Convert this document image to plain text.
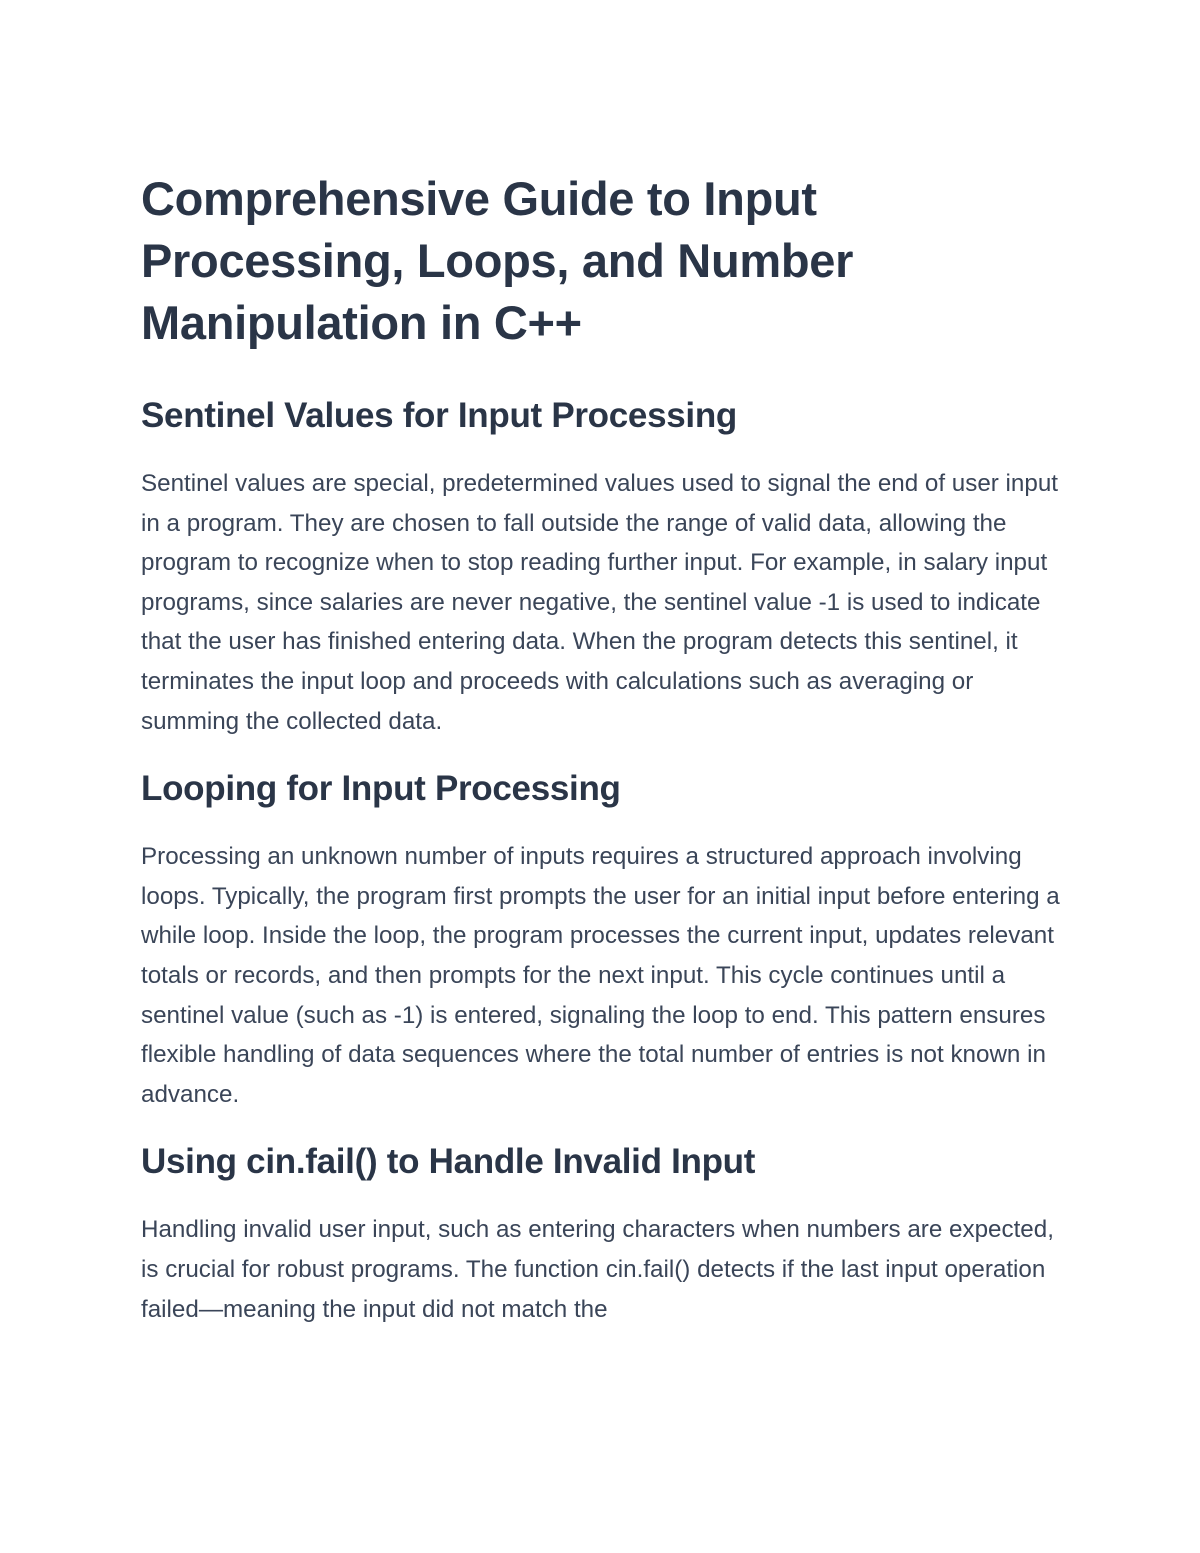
Comprehensive Guide to Input Processing, Loops, and Number Manipulation in C++
Sentinel Values for Input Processing

Sentinel values are special, predetermined values used to signal the end of user input in a program. They are chosen to fall outside the range of valid data, allowing the program to recognize when to stop reading further input. For example, in salary input programs, since salaries are never negative, the sentinel value -1 is used to indicate that the user has finished entering data. When the program detects this sentinel, it terminates the input loop and proceeds with calculations such as averaging or summing the collected data.

Looping for Input Processing

Processing an unknown number of inputs requires a structured approach involving loops. Typically, the program first prompts the user for an initial input before entering a while loop. Inside the loop, the program processes the current input, updates relevant totals or records, and then prompts for the next input. This cycle continues until a sentinel value (such as -1) is entered, signaling the loop to end. This pattern ensures flexible handling of data sequences where the total number of entries is not known in advance.

Using cin.fail() to Handle Invalid Input

Handling invalid user input, such as entering characters when numbers are expected, is crucial for robust programs. The function cin.fail() detects if the last input operation failed—meaning the input did not match the
